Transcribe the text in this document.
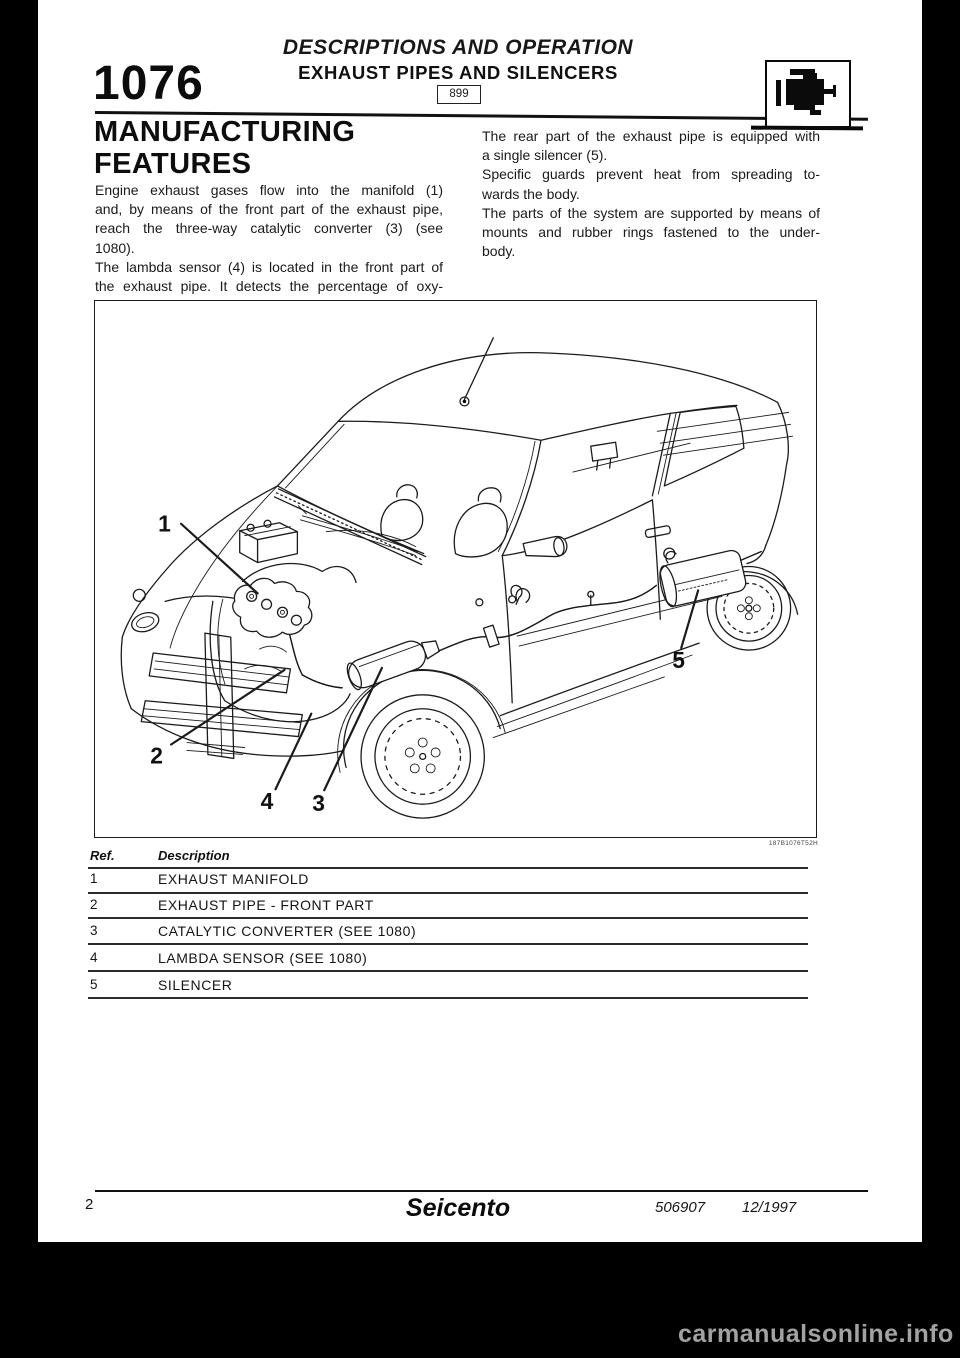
DESCRIPTIONS AND OPERATION
EXHAUST PIPES AND SILENCERS
1076	899
MANUFACTURING
FEATURES
Engine exhaust gases flow into the manifold (1)
and, by means of the front part of the exhaust pipe,
reach the three-way catalytic converter (3) (see
1080).
The lambda sensor (4) is located in the front part of
the exhaust pipe. It detects the percentage of oxy-
The rear part of the exhaust pipe is equipped with
a single silencer (5).
Specific guards prevent heat from spreading to-
wards the body.
The parts of the system are supported by means of
mounts and rubber rings fastened to the under-
body.
1
2
3
4
5
187B1076T52H
Ref.	Description
1	EXHAUST MANIFOLD
2	EXHAUST PIPE - FRONT PART
3	CATALYTIC CONVERTER (SEE 1080)
4	LAMBDA SENSOR (SEE 1080)
5	SILENCER
2	Seicento	506907 12/1997
carmanualsonline.info
